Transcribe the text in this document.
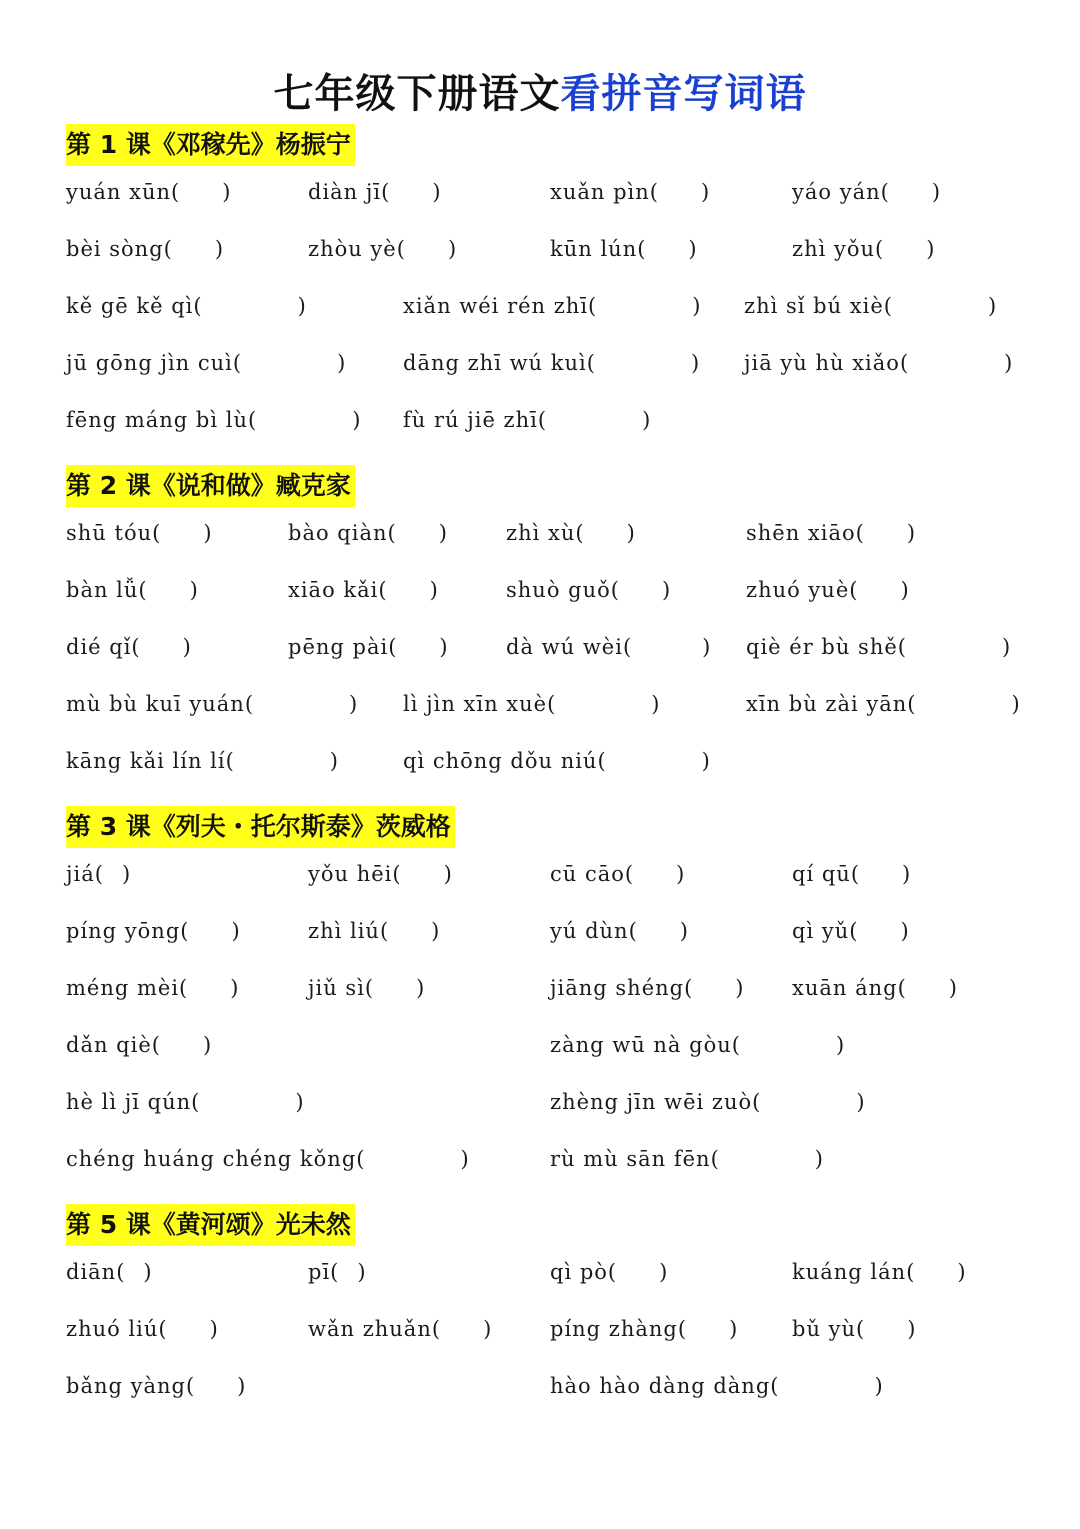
七年级下册语文看拼音写词语
第 1 课《邓稼先》杨振宁
yuán xūn ( )	diàn jī ( )	xuǎn pìn ( )	yáo yán ( )
bèi sòng ( )	zhòu yè ( )	kūn lún ( )	zhì yǒu ( )
kě gē kě qì (	)	xiǎn wéi rén zhī (	) zhì sǐ bú xiè (	)
jū gōng jìn cuì (	)	dāng zhī wú kuì (	) jiā yù hù xiǎo (	)
fēng máng bì lù (	) fù rú jiē zhī (	)
第 2 课《说和做》臧克家
shū tóu ( )	bào qiàn ( )	zhì xù ( )	shēn xiāo ( )
bàn lǚ ( )	xiāo kǎi ( )	shuò guǒ ( )	zhuó yuè ( )
dié qǐ ( )	pēng pài ( )	dà wú wèi (	) qiè ér bù shě (	)
mù bù kuī yuán (	) lì jìn xīn xuè (	)	xīn bù zài yān (	)
kāng kǎi lín lí (	)	qì chōng dǒu niú (	)
第 3 课《列夫・托尔斯泰》茨威格
jiá ( )	yǒu hēi ( )	cū cāo ( )	qí qū ( )
píng yōng ( )	zhì liú ( )	yú dùn ( )	qì yǔ ( )
méng mèi ( )	jiǔ sì ( )	jiāng shéng ( ) xuān áng ( )
dǎn qiè ( )	zàng wū nà gòu (	)
hè lì jī qún (	)	zhèng jīn wēi zuò (	)
chéng huáng chéng kǒng (	)	rù mù sān fēn (	)
第 5 课《黄河颂》光未然
diān ( )	pī ( )	qì pò ( )	kuáng lán ( )
zhuó liú ( )	wǎn zhuǎn ( )	píng zhàng ( )	bǔ yù ( )
bǎng yàng ( )	hào hào dàng dàng (	)
